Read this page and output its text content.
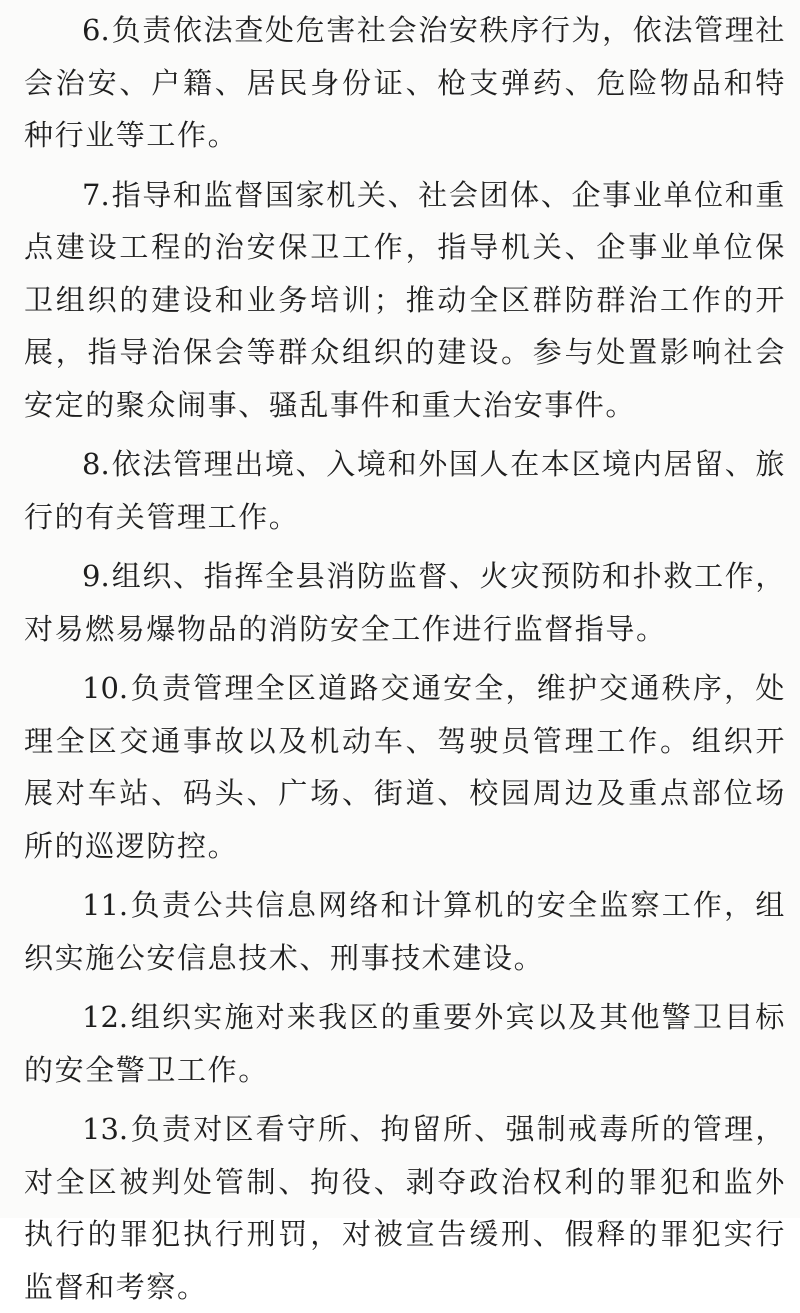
6.负责依法查处危害社会治安秩序行为，依法管理社会治安、户籍、居民身份证、枪支弹药、危险物品和特种行业等工作。

7.指导和监督国家机关、社会团体、企事业单位和重点建设工程的治安保卫工作，指导机关、企事业单位保卫组织的建设和业务培训；推动全区群防群治工作的开展，指导治保会等群众组织的建设。参与处置影响社会安定的聚众闹事、骚乱事件和重大治安事件。

8.依法管理出境、入境和外国人在本区境内居留、旅行的有关管理工作。

9.组织、指挥全县消防监督、火灾预防和扑救工作，对易燃易爆物品的消防安全工作进行监督指导。

10.负责管理全区道路交通安全，维护交通秩序，处理全区交通事故以及机动车、驾驶员管理工作。组织开展对车站、码头、广场、街道、校园周边及重点部位场所的巡逻防控。

11.负责公共信息网络和计算机的安全监察工作，组织实施公安信息技术、刑事技术建设。

12.组织实施对来我区的重要外宾以及其他警卫目标的安全警卫工作。

13.负责对区看守所、拘留所、强制戒毒所的管理，对全区被判处管制、拘役、剥夺政治权利的罪犯和监外执行的罪犯执行刑罚，对被宣告缓刑、假释的罪犯实行监督和考察。
